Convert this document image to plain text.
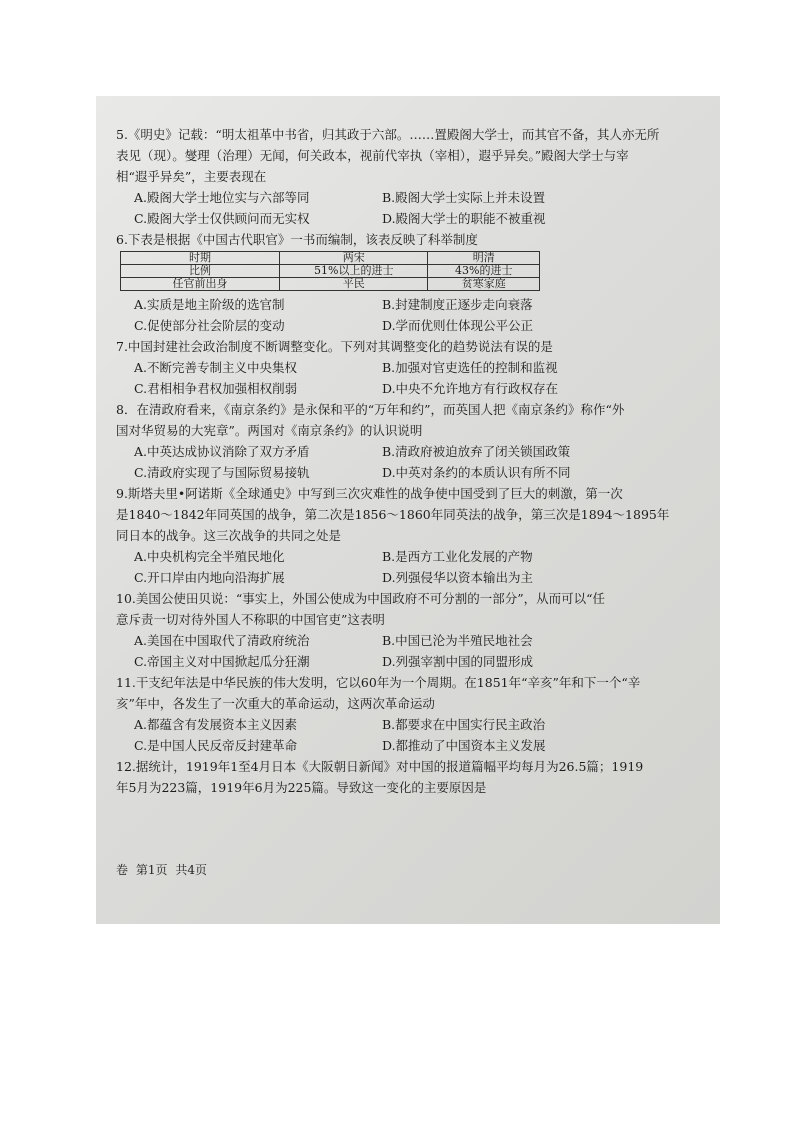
5.《明史》记载：“明太祖革中书省，归其政于六部。……置殿阁大学士，而其官不备，其人亦无所

表见（现）。燮理（治理）无闻，何关政本，视前代宰执（宰相），遐乎异矣。”殿阁大学士与宰

相“遐乎异矣”，主要表现在

A.殿阁大学士地位实与六部等同	B.殿阁大学士实际上并未设置
C.殿阁大学士仅供顾问而无实权	D.殿阁大学士的职能不被重视

6.下表是根据《中国古代职官》一书而编制，该表反映了科举制度

时期	两宋	明清
比例	51%以上的进士	43%的进士
任官前出身	平民	贫寒家庭
A.实质是地主阶级的选官制	B.封建制度正逐步走向衰落
C.促使部分社会阶层的变动	D.学而优则仕体现公平公正

7.中国封建社会政治制度不断调整变化。下列对其调整变化的趋势说法有误的是

A.不断完善专制主义中央集权	B.加强对官吏选任的控制和监视
C.君相相争君权加强相权削弱	D.中央不允许地方有行政权存在

8．在清政府看来，《南京条约》是永保和平的“万年和约”，而英国人把《南京条约》称作“外

国对华贸易的大宪章”。两国对《南京条约》的认识说明

A.中英达成协议消除了双方矛盾	B.清政府被迫放弃了闭关锁国政策
C.清政府实现了与国际贸易接轨	D.中英对条约的本质认识有所不同

9.斯塔夫里•阿诺斯《全球通史》中写到三次灾难性的战争使中国受到了巨大的刺激，第一次

是1840～1842年同英国的战争，第二次是1856～1860年同英法的战争，第三次是1894～1895年

同日本的战争。这三次战争的共同之处是

A.中央机构完全半殖民地化	B.是西方工业化发展的产物
C.开口岸由内地向沿海扩展	D.列强侵华以资本输出为主

10.美国公使田贝说：“事实上，外国公使成为中国政府不可分割的一部分”，从而可以“任

意斥责一切对待外国人不称职的中国官吏”这表明

A.美国在中国取代了清政府统治	B.中国已沦为半殖民地社会
C.帝国主义对中国掀起瓜分狂潮	D.列强宰割中国的同盟形成

11.干支纪年法是中华民族的伟大发明，它以60年为一个周期。在1851年“辛亥”年和下一个“辛

亥”年中，各发生了一次重大的革命运动，这两次革命运动

A.都蕴含有发展资本主义因素	B.都要求在中国实行民主政治
C.是中国人民反帝反封建革命	D.都推动了中国资本主义发展

12.据统计，1919年1至4月日本《大阪朝日新闻》对中国的报道篇幅平均每月为26.5篇；1919

年5月为223篇，1919年6月为225篇。导致这一变化的主要原因是

卷 第1页 共4页
